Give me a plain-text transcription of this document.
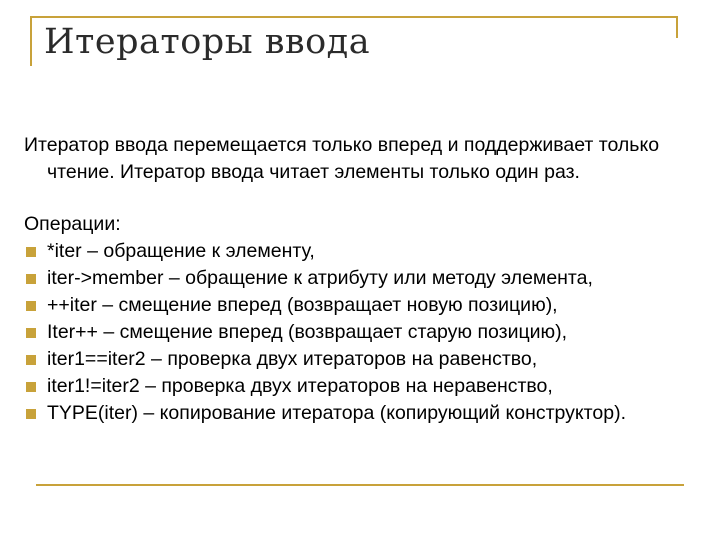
Итераторы ввода

Итератор ввода перемещается только вперед и поддерживает только чтение. Итератор ввода читает элементы только один раз.

Операции:

*iter – обращение к элементу,
iter->member – обращение к атрибуту или методу элемента,
++iter – смещение вперед (возвращает новую позицию),
Iter++ – смещение вперед (возвращает старую позицию),
iter1==iter2 – проверка двух итераторов на равенство,
iter1!=iter2 – проверка двух итераторов на неравенство,
TYPE(iter) – копирование итератора (копирующий конструктор).
